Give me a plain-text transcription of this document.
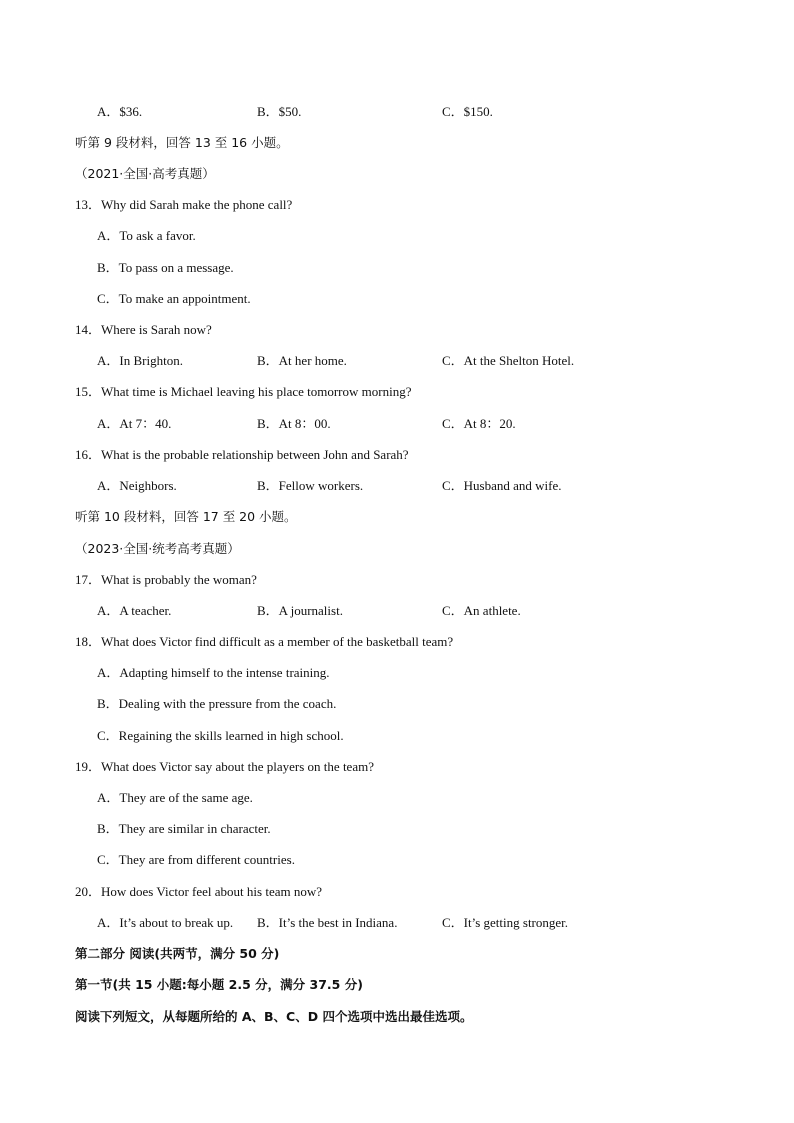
A．$36.	B．$50.	C．$150.
听第 9 段材料，回答 13 至 16 小题。
（2021·全国·高考真题）
13．Why did Sarah make the phone call?
A．To ask a favor.
B．To pass on a message.
C．To make an appointment.
14．Where is Sarah now?
A．In Brighton.	B．At her home.	C．At the Shelton Hotel.
15．What time is Michael leaving his place tomorrow morning?
A．At 7：40.	B．At 8：00.	C．At 8：20.
16．What is the probable relationship between John and Sarah?
A．Neighbors.	B．Fellow workers.	C．Husband and wife.
听第 10 段材料，回答 17 至 20 小题。
（2023·全国·统考高考真题）
17．What is probably the woman?
A．A teacher.	B．A journalist.	C．An athlete.
18．What does Victor find difficult as a member of the basketball team?
A．Adapting himself to the intense training.
B．Dealing with the pressure from the coach.
C．Regaining the skills learned in high school.
19．What does Victor say about the players on the team?
A．They are of the same age.
B．They are similar in character.
C．They are from different countries.
20．How does Victor feel about his team now?
A．It’s about to break up. B．It’s the best in Indiana.	C．It’s getting stronger.
第二部分 阅读(共两节，满分 50 分)
第一节(共 15 小题:每小题 2.5 分，满分 37.5 分)
阅读下列短文，从每题所给的 A、B、C、D 四个选项中选出最佳选项。
